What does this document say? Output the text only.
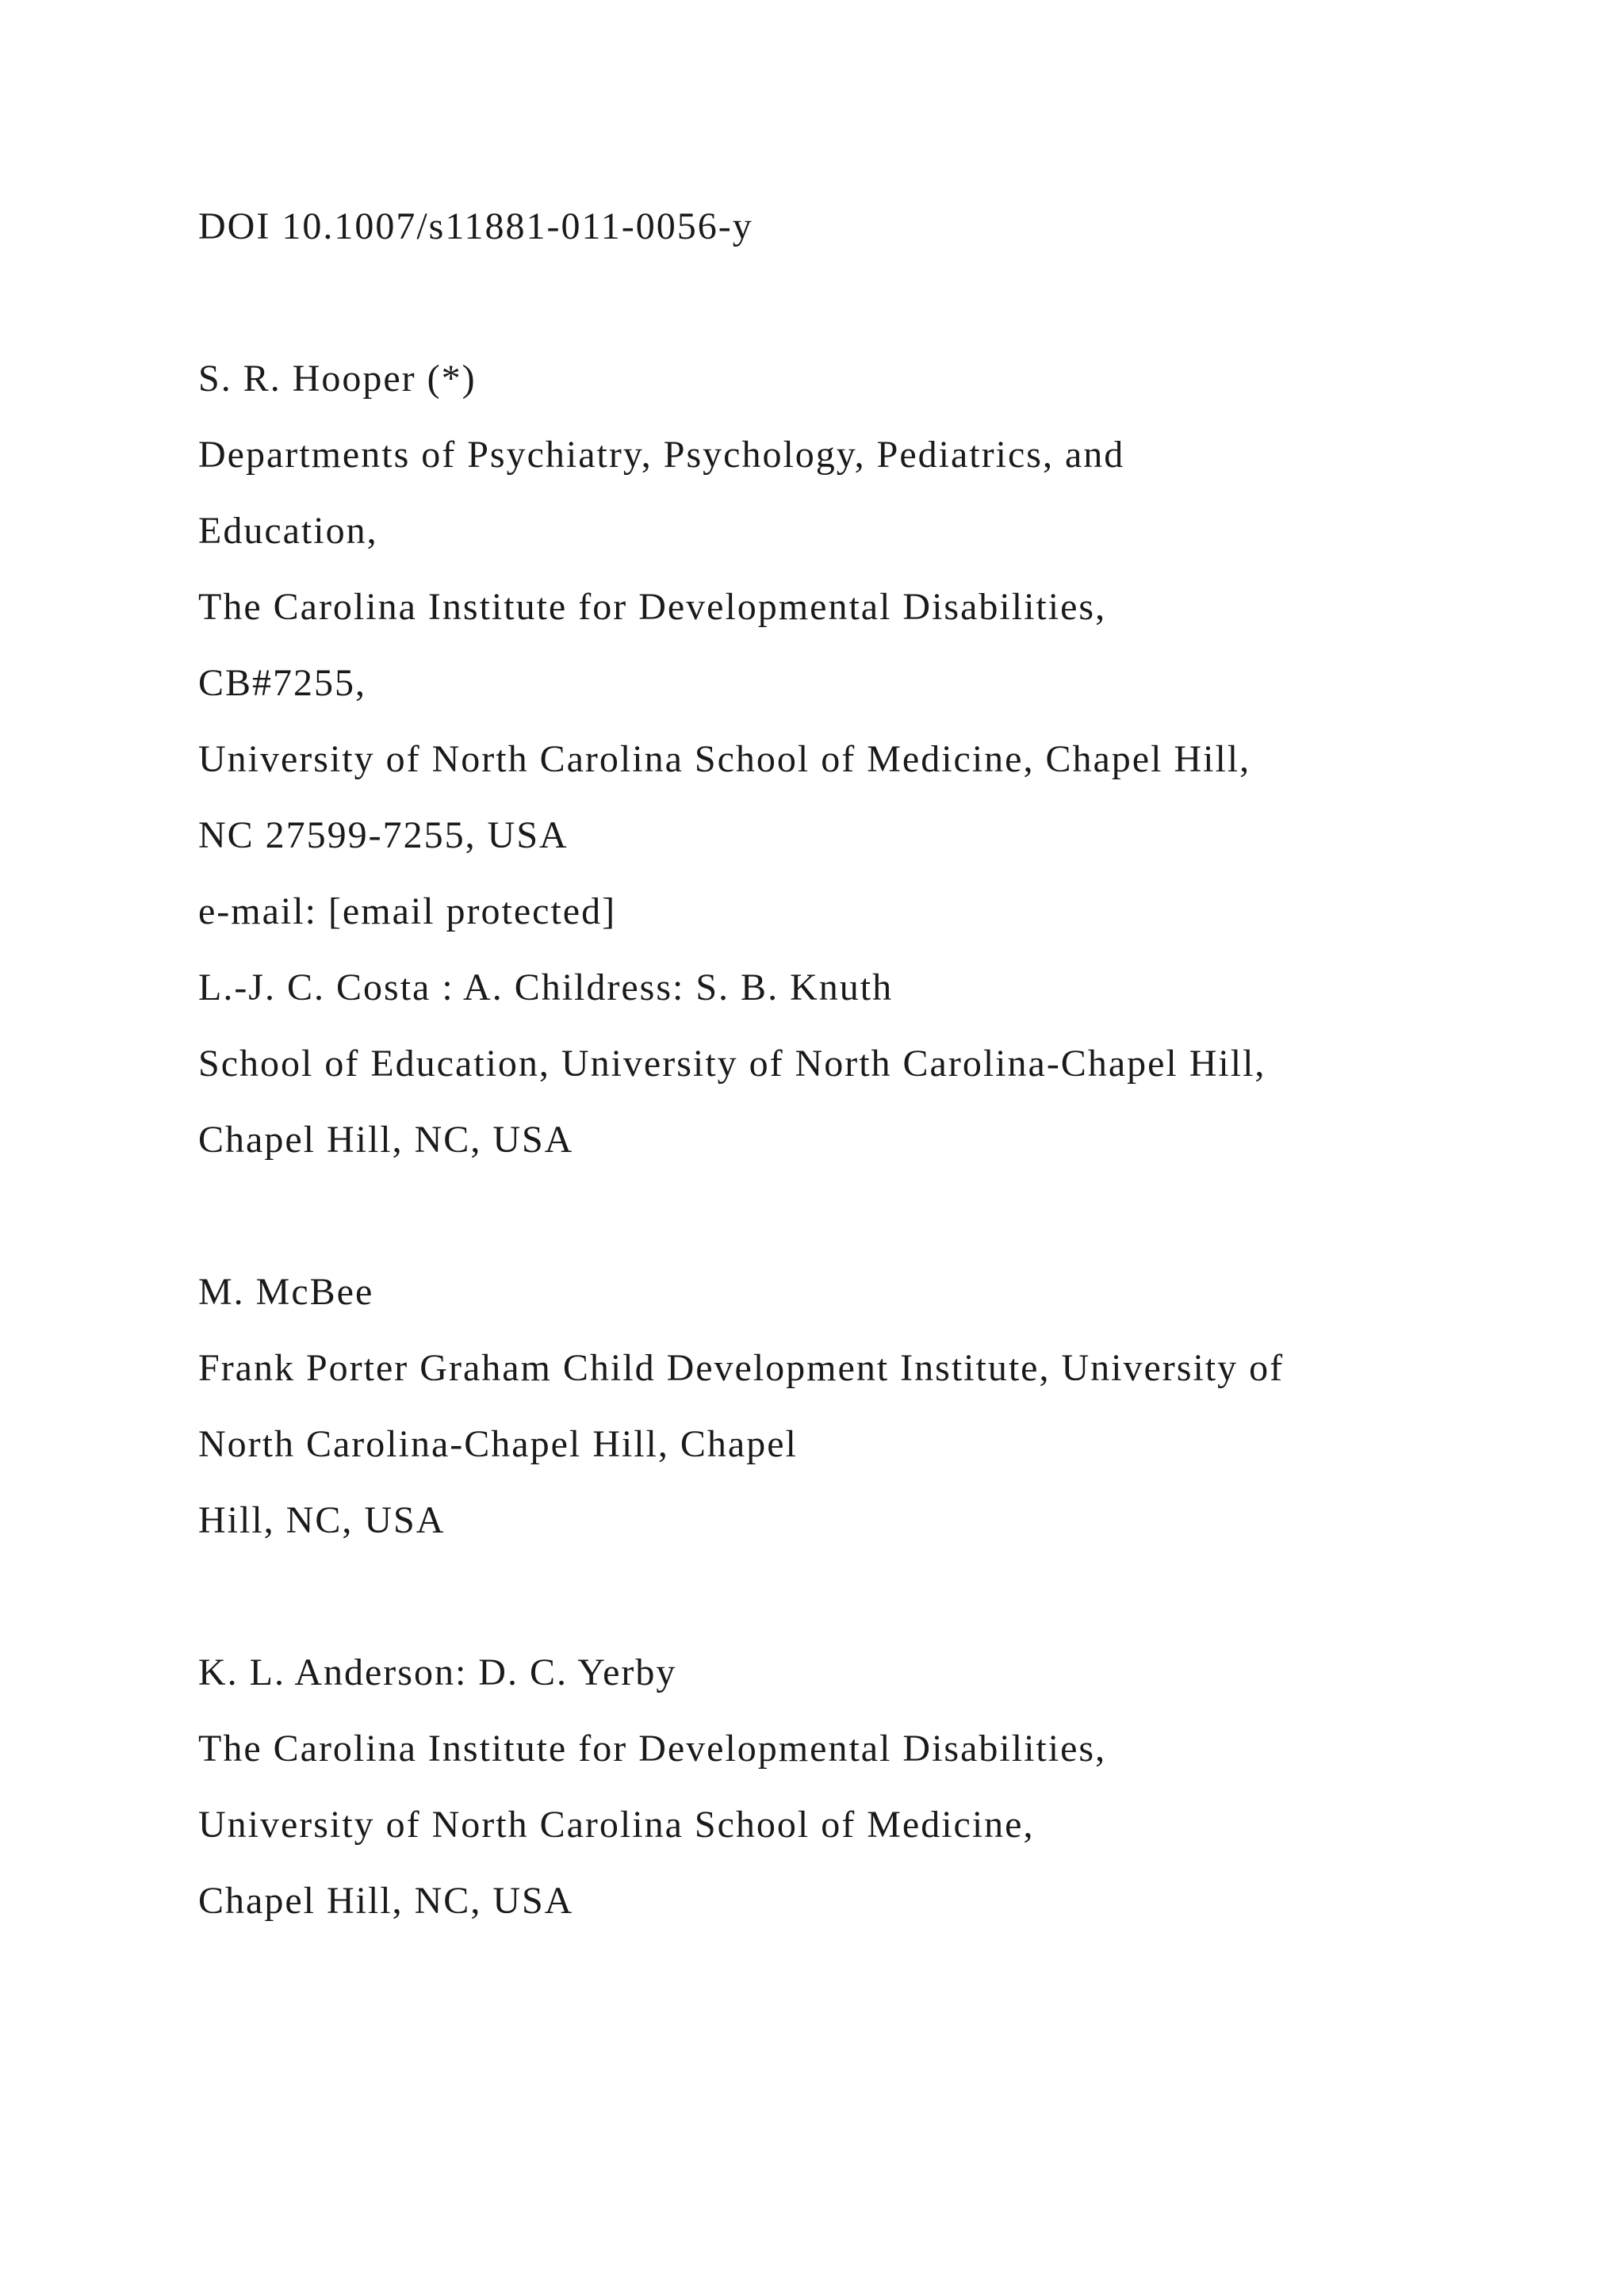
DOI 10.1007/s11881-011-0056-y
S. R. Hooper (*)
Departments of Psychiatry, Psychology, Pediatrics, and
Education,
The Carolina Institute for Developmental Disabilities,
CB#7255,
University of North Carolina School of Medicine, Chapel Hill,
NC 27599-7255, USA
e-mail: [email protected]
L.-J. C. Costa : A. Childress: S. B. Knuth
School of Education, University of North Carolina-Chapel Hill,
Chapel Hill, NC, USA
M. McBee
Frank Porter Graham Child Development Institute, University of
North Carolina-Chapel Hill, Chapel
Hill, NC, USA
K. L. Anderson: D. C. Yerby
The Carolina Institute for Developmental Disabilities,
University of North Carolina School of Medicine,
Chapel Hill, NC, USA
